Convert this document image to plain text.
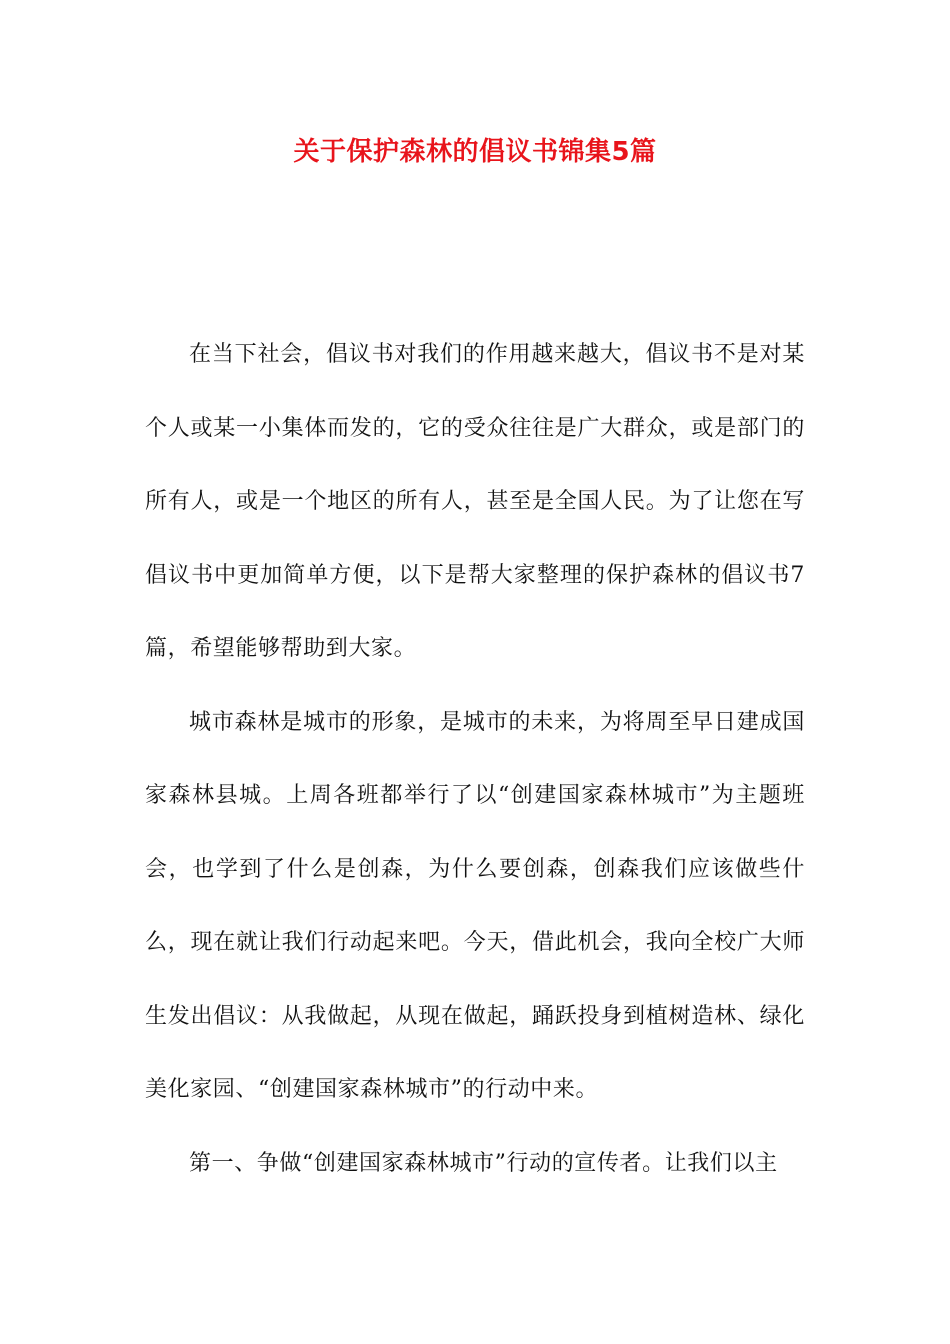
关于保护森林的倡议书锦集5篇

在当下社会，倡议书对我们的作用越来越大，倡议书不是对某个人或某一小集体而发的，它的受众往往是广大群众，或是部门的所有人，或是一个地区的所有人，甚至是全国人民。为了让您在写倡议书中更加简单方便，以下是帮大家整理的保护森林的倡议书7篇，希望能够帮助到大家。

城市森林是城市的形象，是城市的未来，为将周至早日建成国家森林县城。上周各班都举行了以“创建国家森林城市”为主题班会，也学到了什么是创森，为什么要创森，创森我们应该做些什么，现在就让我们行动起来吧。今天，借此机会，我向全校广大师生发出倡议：从我做起，从现在做起，踊跃投身到植树造林、绿化美化家园、“创建国家森林城市”的行动中来。

第一、争做“创建国家森林城市”行动的宣传者。让我们以主
